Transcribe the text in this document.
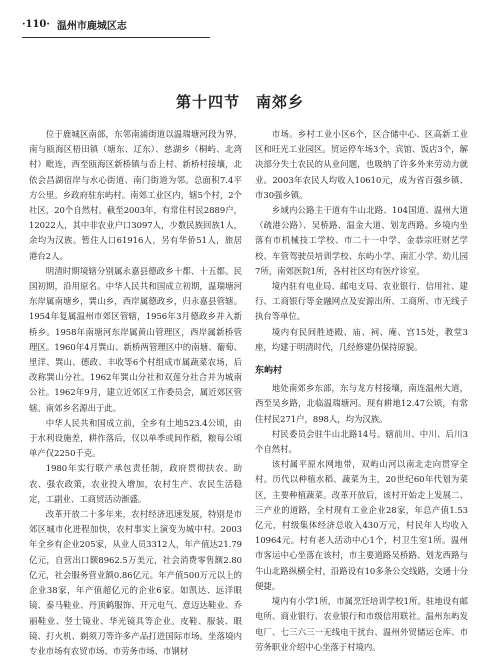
·110· 温州市鹿城区志
第十四节　南郊乡

位于鹿城区南部，东邻南浦街道以温瑞塘河段为界，南与瓯海区梧田镇（塘东、辽东）、慈湖乡（桐屿、北湾村）毗连，西至瓯海区新桥镇与岙上村、新桥村接壤，北依会昌湖宿岸与水心街道、南门街道为邻。总面积7.4平方公里。乡政府驻东屿村。南郊工业区内，辖5个村，2个社区，20个自然村。截至2003年，有常住村民2889户，12022人，其中非农业户口3097人，少数民族回族1人，余均为汉族。暂住人口61916人，另有华侨51人，旅居港台2人。

明清时期境辖分别属永嘉县德政乡十都、十五都。民国初期，沿用原名。中华人民共和国成立初期，温瑞塘河东岸属南塘乡，巽山乡，西岸属德政乡，归永嘉县管辖。1954年复属温州市郊区管辖，1956年3月德政乡并入新桥乡。1958年南塘河东岸属黄山管理区，西岸属新桥管理区。1960年4月巽山、新桥两管理区中的南塘、葡萄、里洋、巽山、德政、丰收等6个村组成市属蔬菜农场，后改称巽山分社。1962年巽山分社和双莲分社合并为城南公社。1962年9月，建立近郊区工作委员会，属近郊区管辖。南郊乡名源出于此。

中华人民共和国成立前，全乡有土地523.4公顷，由于水利设施差，耕作落后，仅以单季或间作稻，粮每公顷单产仅2250千克。

1980年实行联产承包责任制，政府贯彻扶农、助农、强农政策，农业投入增加，农村生产、农民生活稳定，工副业、工商贸活动渐盛。

改革开放二十多年来，农村经济迅速发展，特别是市郊区城市化进程加快，农村事实上演变为城中村。2003年全乡有企业205家，从业人员3312人，年产值达21.79亿元，自营出口额8962.5万美元，社会消费零售额2.80亿元，社会服务营业额0.86亿元。年产值500万元以上的企业38家，年产值超亿元的企业6家。如凯达、远洋眼镜、泰马鞋业、丹顶鹤服饰、开元电气、意迈达鞋业、乔丽鞋业、竖士镜业、华光镜具等企业。皮鞋、服装、眼镜、打火机、剃须刀等许多产品打进国际市场。坐落境内专业市场有农贸市场、市劳务市场、市钢材

市场。乡村工业小区6个，区合储中心、区高新工业区和旺光工业园区。贸运停车场3个，宾馆、饭店3个，解决部分失土农民的从业问题，也吸纳了许多外来劳动力就业。2003年农民人均收入10610元，成为省百强乡镇、市30强乡镇。

乡域内公路主干道有牛山北路、104国道、温州大道（疏港公路）、吴桥路、温金大道、划龙西路。乡境内坐落有市机械技工学校、市二十一中学、金恭宗旺财艺学校、车管驾驶员培训学校、东屿小学、南汇小学、幼儿园7所，南郊医院1所，各村社区均有医疗诊室。

境内驻有电业局、邮电支局、农业银行、信用社、建行、工商银行等金融网点及安源出所、工商所、市无线子执台等单位。

境内有民间胜迹殿、庙、祠、庵、宫15处，教堂3座，均建于明清时代，几经修建仍保持原貌。

东屿村

地处南郊乡东部，东与龙方村接壤，南连温州大道，西至吴乡路，北临温瑞塘河。现有耕地12.47公顷，有常住村民271户，898人，均为汉族。

村民委员会驻牛山北路14号。辖前川、中川、后川3个自然村。

该村属平原水网地带，双屿山河以南北走向贯穿全村。历代以种植水稻、蔬菜为主，20世纪60年代划为菜区，主要种植蔬菜。改革开放后，该村开始走上发展二、三产业的道路，全村现有工业企业28家，年总产值1.53亿元，村级集体经济总收入430万元，村民年人均收入10964元。村有老人活动中心1个，村卫生室1所。温州市客运中心坐落在该村，市主要道路吴桥路、划龙西路与牛山北路纵横全村，沿路设有10多条公交线路，交通十分便捷。

境内有小学1所，市属烹饪培训学校1所。驻地设有邮电所、商业银行、农业银行和市级信用联社。温州东屿发电厂、七三六三一无线电干扰台、温州外贸储运仓库、市劳务职业介绍中心坐落于村境内。
